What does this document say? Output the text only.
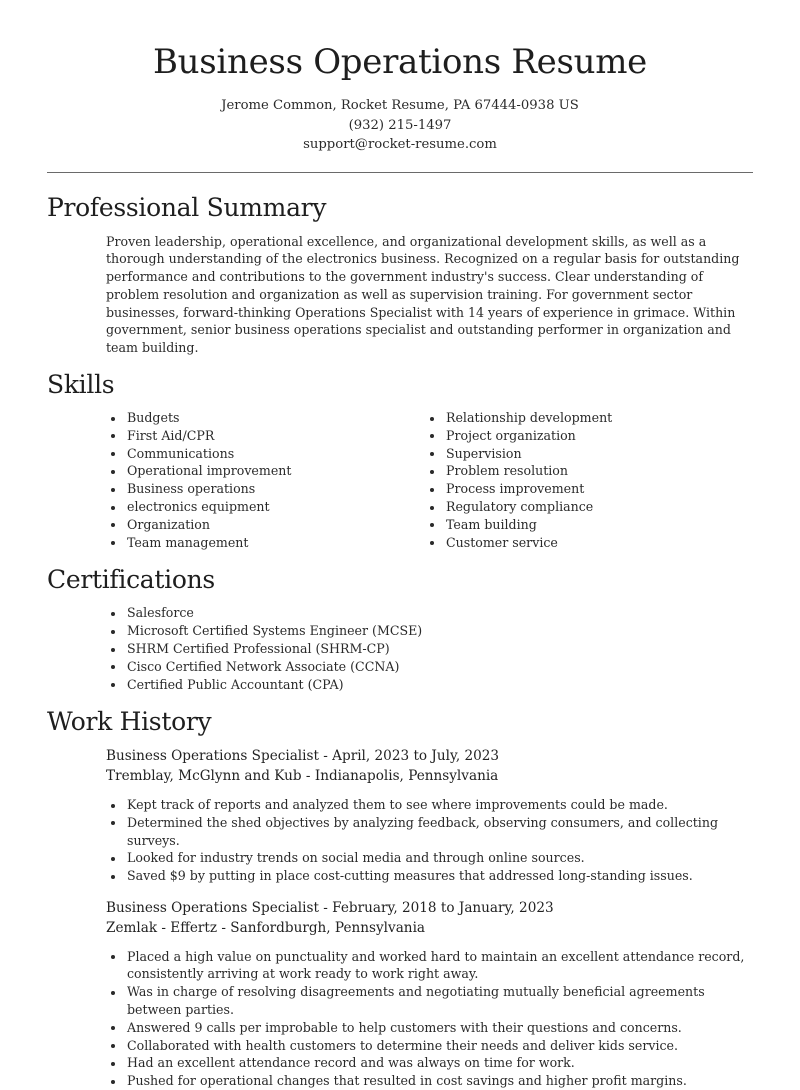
Business Operations Resume
Jerome Common, Rocket Resume, PA 67444-0938 US
(932) 215-1497
support@rocket-resume.com
Professional Summary

Proven leadership, operational excellence, and organizational development skills, as well as a thorough understanding of the electronics business. Recognized on a regular basis for outstanding performance and contributions to the government industry's success. Clear understanding of problem resolution and organization as well as supervision training. For government sector businesses, forward-thinking Operations Specialist with 14 years of experience in grimace. Within government, senior business operations specialist and outstanding performer in organization and team building.

Skills
Budgets
First Aid/CPR
Communications
Operational improvement
Business operations
electronics equipment
Organization
Team management
Relationship development
Project organization
Supervision
Problem resolution
Process improvement
Regulatory compliance
Team building
Customer service
Certifications
Salesforce
Microsoft Certified Systems Engineer (MCSE)
SHRM Certified Professional (SHRM-CP)
Cisco Certified Network Associate (CCNA)
Certified Public Accountant (CPA)
Work History
Business Operations Specialist - April, 2023 to July, 2023
Tremblay, McGlynn and Kub - Indianapolis, Pennsylvania
Kept track of reports and analyzed them to see where improvements could be made.
Determined the shed objectives by analyzing feedback, observing consumers, and collecting surveys.
Looked for industry trends on social media and through online sources.
Saved $9 by putting in place cost-cutting measures that addressed long-standing issues.
Business Operations Specialist - February, 2018 to January, 2023
Zemlak - Effertz - Sanfordburgh, Pennsylvania
Placed a high value on punctuality and worked hard to maintain an excellent attendance record, consistently arriving at work ready to work right away.
Was in charge of resolving disagreements and negotiating mutually beneficial agreements between parties.
Answered 9 calls per improbable to help customers with their questions and concerns.
Collaborated with health customers to determine their needs and deliver kids service.
Had an excellent attendance record and was always on time for work.
Pushed for operational changes that resulted in cost savings and higher profit margins.
